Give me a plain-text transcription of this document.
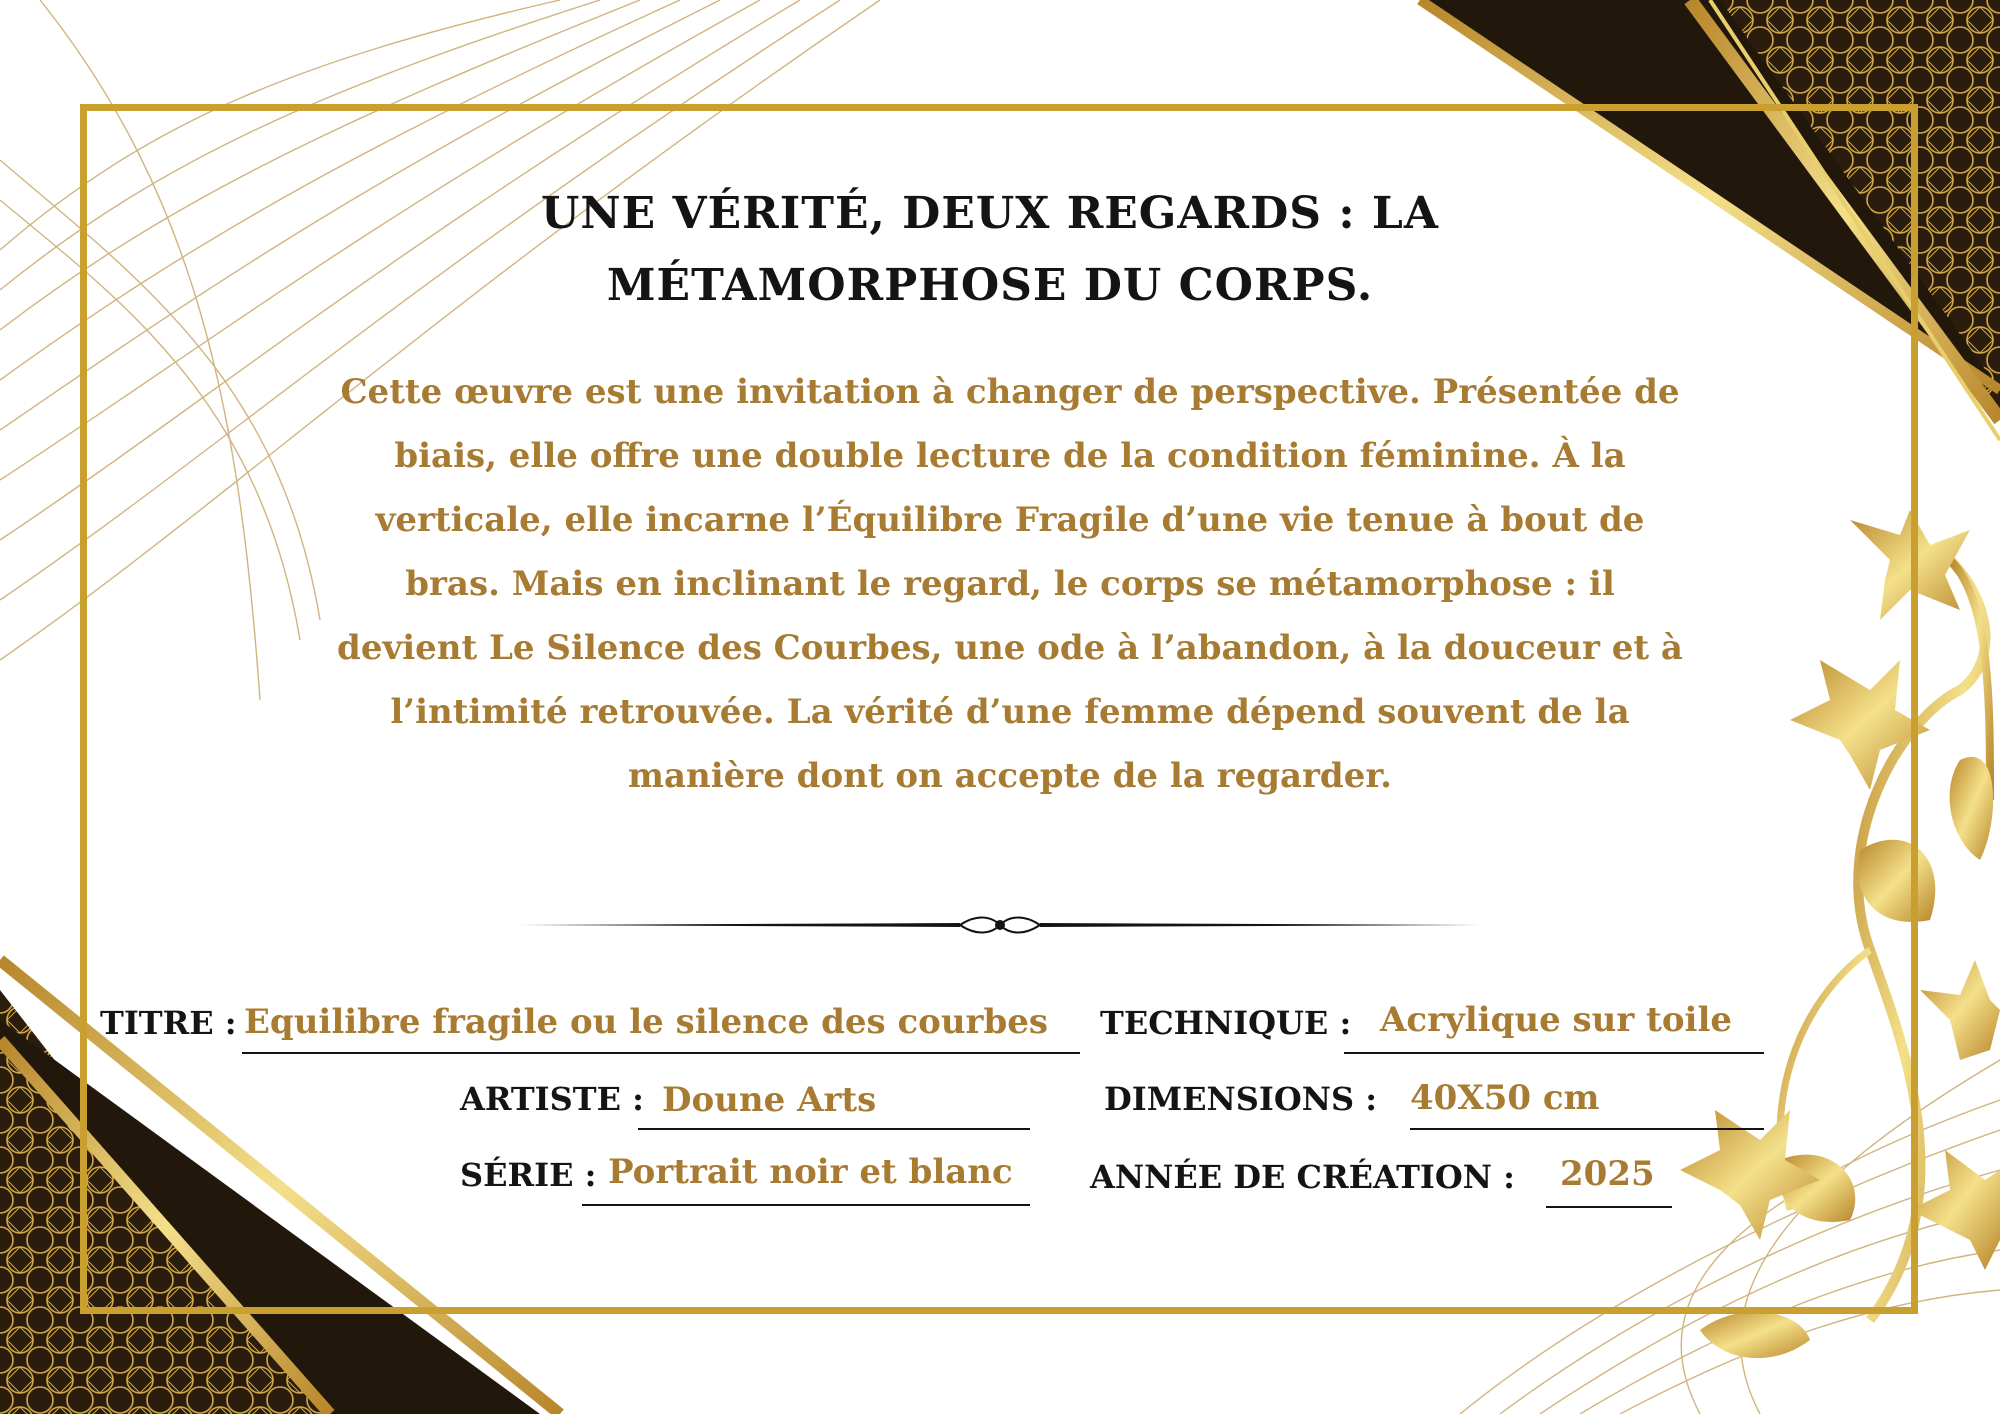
UNE VÉRITÉ, DEUX REGARDS : LA
MÉTAMORPHOSE DU CORPS.

Cette œuvre est une invitation à changer de perspective. Présentée de biais, elle offre une double lecture de la condition féminine. À la verticale, elle incarne l’Équilibre Fragile d’une vie tenue à bout de bras. Mais en inclinant le regard, le corps se métamorphose : il devient Le Silence des Courbes, une ode à l’abandon, à la douceur et à l’intimité retrouvée. La vérité d’une femme dépend souvent de la manière dont on accepte de la regarder.

TITRE : Equilibre fragile ou le silence des courbes TECHNIQUE : Acrylique sur toile
ARTISTE : Doune Arts	DIMENSIONS : 40X50 cm
SÉRIE : Portrait noir et blanc ANNÉE DE CRÉATION : 2025
